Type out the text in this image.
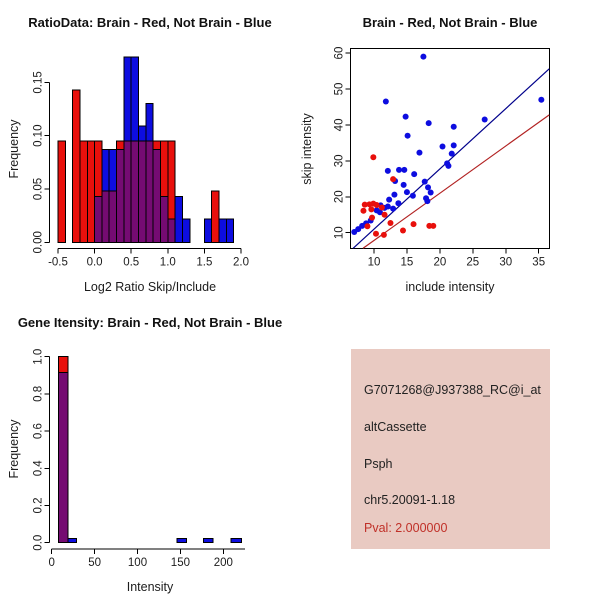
RatioData: Brain - Red, Not Brain - Blue
Frequency
0.00
0.05
0.10
0.15
-0.5 0.0 0.5 1.0 1.5 2.0
Log2 Ratio Skip/Include
Brain - Red, Not Brain - Blue
skip intensity
10
20
30
40
50
60
10 15 20 25 30 35
include intensity
Gene Itensity: Brain - Red, Not Brain - Blue
Frequency
0.0
0.2
0.4
0.6
0.8
1.0
0	50 100 150 200
Intensity
G7071268@J937388_RC@i_at
altCassette
Psph
chr5.20091-1.18
Pval: 2.000000
